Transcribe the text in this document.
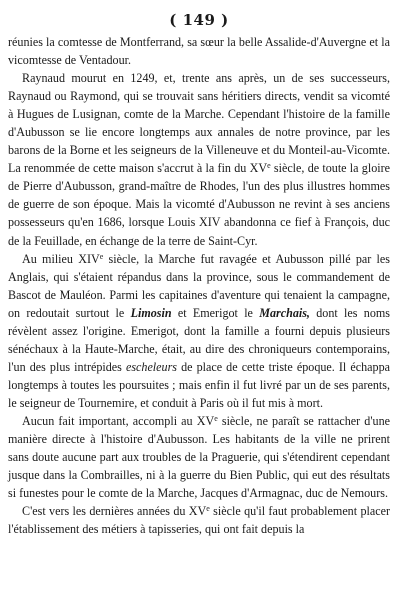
( 149 )

réunies la comtesse de Montferrand, sa sœur la belle Assalide-d'Auvergne et la vicomtesse de Ventadour.

Raynaud mourut en 1249, et, trente ans après, un de ses successeurs, Raynaud ou Raymond, qui se trouvait sans héritiers directs, vendit sa vicomté à Hugues de Lusignan, comte de la Marche. Cependant l'histoire de la famille d'Aubusson se lie encore longtemps aux annales de notre province, par les barons de la Borne et les seigneurs de la Villeneuve et du Monteil-au-Vicomte. La renommée de cette maison s'accrut à la fin du XVe siècle, de toute la gloire de Pierre d'Aubusson, grand-maître de Rhodes, l'un des plus illustres hommes de guerre de son époque. Mais la vicomté d'Aubusson ne revint à ses anciens possesseurs qu'en 1686, lorsque Louis XIV abandonna ce fief à François, duc de la Feuillade, en échange de la terre de Saint-Cyr.

Au milieu XIVe siècle, la Marche fut ravagée et Aubusson pillé par les Anglais, qui s'étaient répandus dans la province, sous le commandement de Bascot de Mauléon. Parmi les capitaines d'aventure qui tenaient la campagne, on redoutait surtout le Limosin et Emerigot le Marchais, dont les noms révèlent assez l'origine. Emerigot, dont la famille a fourni depuis plusieurs sénéchaux à la Haute-Marche, était, au dire des chroniqueurs contemporains, l'un des plus intrépides escheleurs de place de cette triste époque. Il échappa longtemps à toutes les poursuites ; mais enfin il fut livré par un de ses parents, le seigneur de Tournemire, et conduit à Paris où il fut mis à mort.

Aucun fait important, accompli au XVe siècle, ne paraît se rattacher d'une manière directe à l'histoire d'Aubusson. Les habitants de la ville ne prirent sans doute aucune part aux troubles de la Praguerie, qui s'étendirent cependant jusque dans la Combrailles, ni à la guerre du Bien Public, qui eut des résultats si funestes pour le comte de la Marche, Jacques d'Armagnac, duc de Nemours.

C'est vers les dernières années du XVe siècle qu'il faut probablement placer l'établissement des métiers à tapisseries, qui ont fait depuis la
